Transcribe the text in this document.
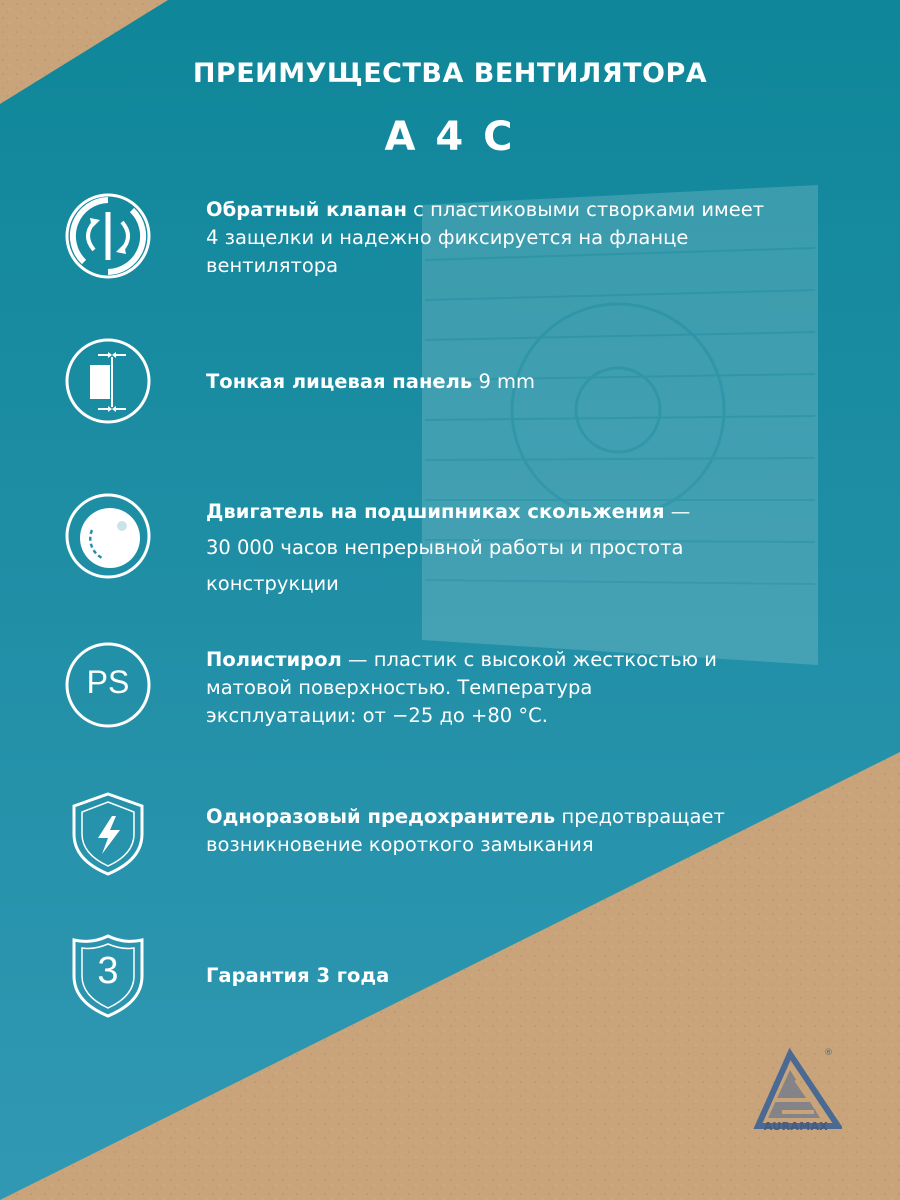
ПРЕИМУЩЕСТВА ВЕНТИЛЯТОРА
А 4 С
Обратный клапан с пластиковыми створками имеет 4 защелки и надежно фиксируется на фланце вентилятора
Тонкая лицевая панель 9 mm
Двигатель на подшипниках скольжения — 30 000 часов непрерывной работы и простота конструкции
PS
Полистирол — пластик с высокой жесткостью и матовой поверхностью. Температура эксплуатации: от −25 до +80 °C.
Одноразовый предохранитель предотвращает возникновение короткого замыкания
3	Гарантия 3 года
®
AURAMAX
